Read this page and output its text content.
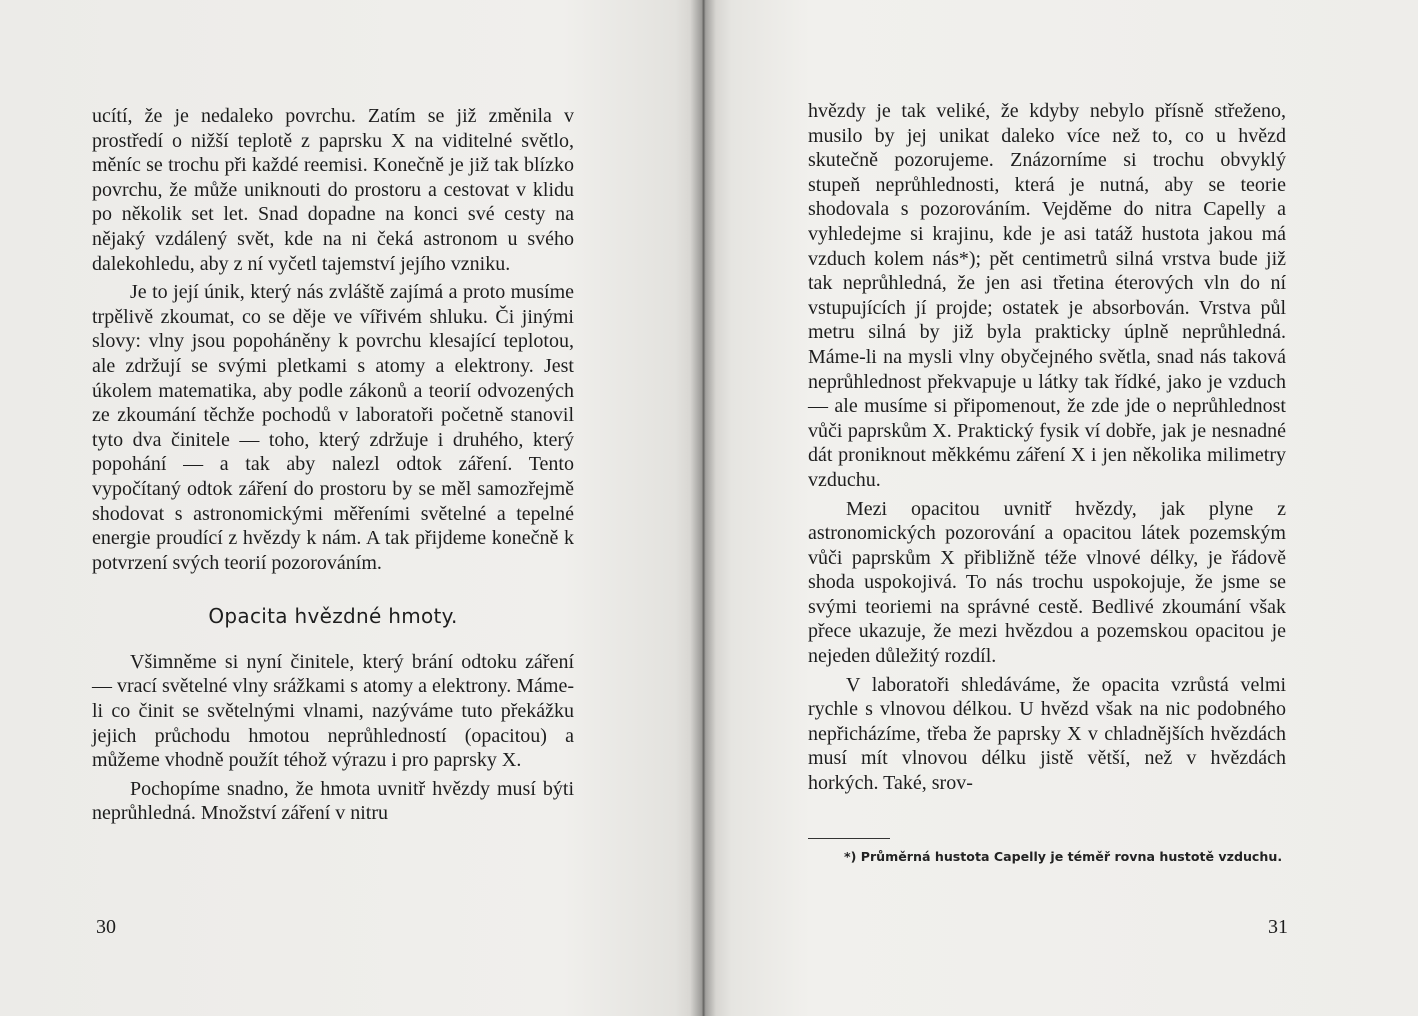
ucítí, že je nedaleko povrchu. Zatím se již změnila v prostředí o nižší teplotě z paprsku X na viditelné světlo, měníc se trochu při každé reemisi. Konečně je již tak blízko povrchu, že může uniknouti do prostoru a cestovat v klidu po několik set let. Snad dopadne na konci své cesty na nějaký vzdálený svět, kde na ni čeká astronom u svého dalekohledu, aby z ní vyčetl tajemství jejího vzniku.

Je to její únik, který nás zvláště zajímá a proto musíme trpělivě zkoumat, co se děje ve vířivém shluku. Či jinými slovy: vlny jsou popoháněny k povrchu klesající teplotou, ale zdržují se svými pletkami s atomy a elektrony. Jest úkolem matematika, aby podle zákonů a teorií odvozených ze zkoumání těchže pochodů v laboratoři početně stanovil tyto dva činitele — toho, který zdržuje i druhého, který popohání — a tak aby nalezl odtok záření. Tento vypočítaný odtok záření do prostoru by se měl samozřejmě shodovat s astronomickými měřeními světelné a tepelné energie proudící z hvězdy k nám. A tak přijdeme konečně k potvrzení svých teorií pozorováním.

Opacita hvězdné hmoty.

Všimněme si nyní činitele, který brání odtoku záření — vrací světelné vlny srážkami s atomy a elektrony. Máme-li co činit se světelnými vlnami, nazýváme tuto překážku jejich průchodu hmotou neprůhledností (opacitou) a můžeme vhodně použít téhož výrazu i pro paprsky X.

Pochopíme snadno, že hmota uvnitř hvězdy musí býti neprůhledná. Množství záření v nitru

30

hvězdy je tak veliké, že kdyby nebylo přísně střeženo, musilo by jej unikat daleko více než to, co u hvězd skutečně pozorujeme. Znázorníme si trochu obvyklý stupeň neprůhlednosti, která je nutná, aby se teorie shodovala s pozorováním. Vejděme do nitra Capelly a vyhledejme si krajinu, kde je asi tatáž hustota jakou má vzduch kolem nás*); pět centimetrů silná vrstva bude již tak neprůhledná, že jen asi třetina éterových vln do ní vstupujících jí projde; ostatek je absorbován. Vrstva půl metru silná by již byla prakticky úplně neprůhledná. Máme-li na mysli vlny obyčejného světla, snad nás taková neprůhlednost překvapuje u látky tak řídké, jako je vzduch — ale musíme si připomenout, že zde jde o neprůhlednost vůči paprskům X. Praktický fysik ví dobře, jak je nesnadné dát proniknout měkkému záření X i jen několika milimetry vzduchu.

Mezi opacitou uvnitř hvězdy, jak plyne z astronomických pozorování a opacitou látek pozemským vůči paprskům X přibližně téže vlnové délky, je řádově shoda uspokojivá. To nás trochu uspokojuje, že jsme se svými teoriemi na správné cestě. Bedlivé zkoumání však přece ukazuje, že mezi hvězdou a pozemskou opacitou je nejeden důležitý rozdíl.

V laboratoři shledáváme, že opacita vzrůstá velmi rychle s vlnovou délkou. U hvězd však na nic podobného nepřicházíme, třeba že paprsky X v chladnějších hvězdách musí mít vlnovou délku jistě větší, než v hvězdách horkých. Také, srov-

*) Průměrná hustota Capelly je téměř rovna hustotě vzduchu.
31
